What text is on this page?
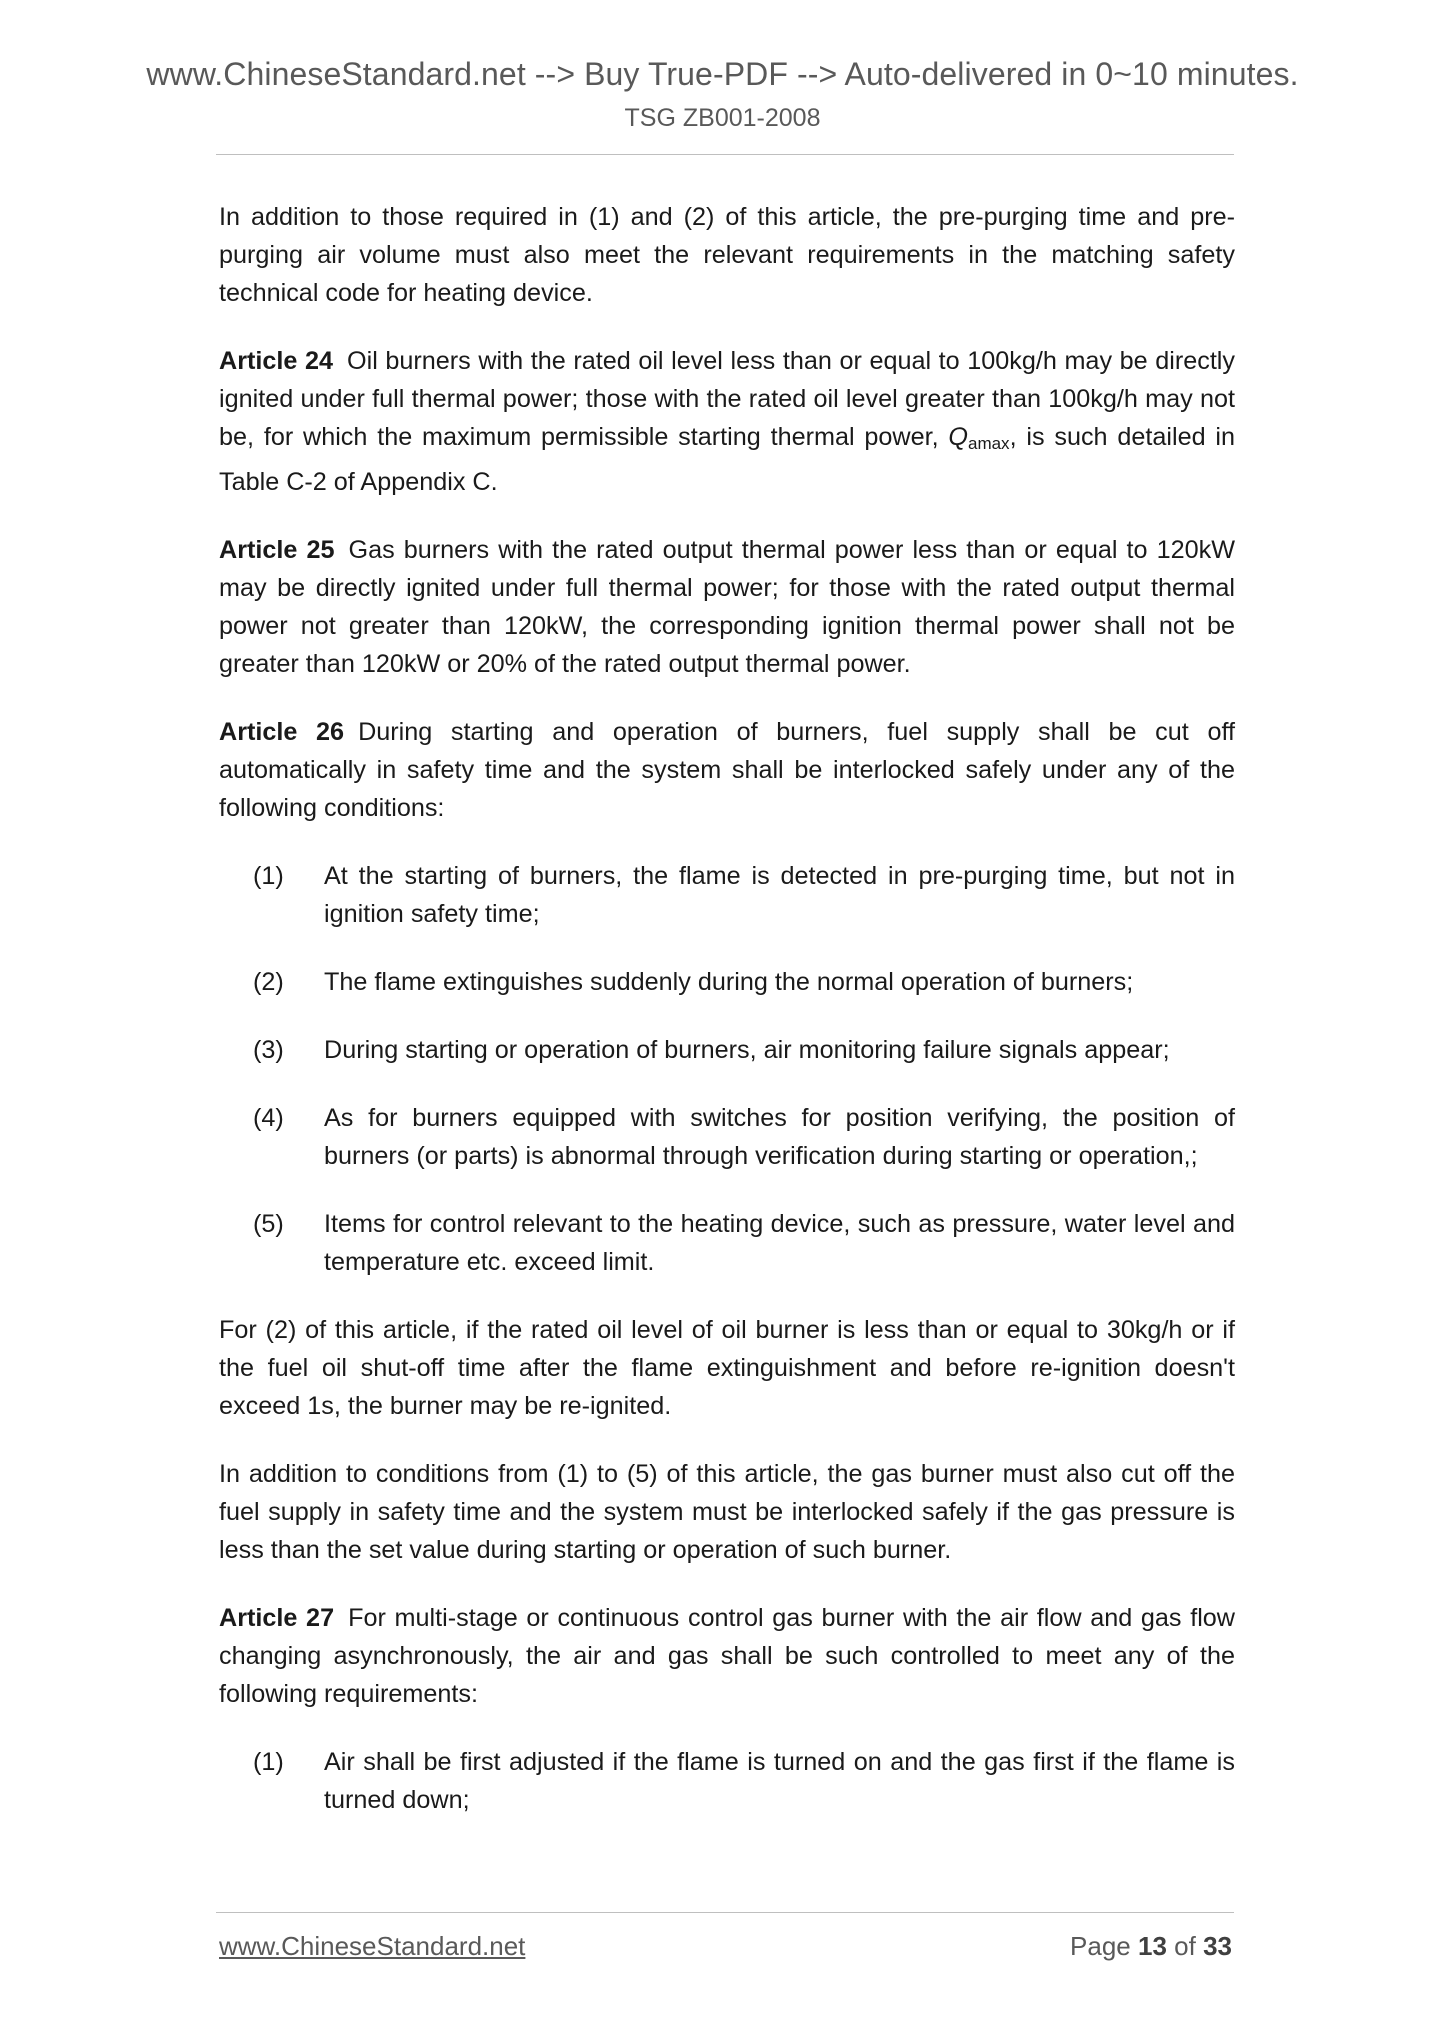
www.ChineseStandard.net --> Buy True-PDF --> Auto-delivered in 0~10 minutes.
TSG ZB001-2008

In addition to those required in (1) and (2) of this article, the pre-purging time and pre-purging air volume must also meet the relevant requirements in the matching safety technical code for heating device.

Article 24 Oil burners with the rated oil level less than or equal to 100kg/h may be directly ignited under full thermal power; those with the rated oil level greater than 100kg/h may not be, for which the maximum permissible starting thermal power, Qamax, is such detailed in Table C-2 of Appendix C.

Article 25 Gas burners with the rated output thermal power less than or equal to 120kW may be directly ignited under full thermal power; for those with the rated output thermal power not greater than 120kW, the corresponding ignition thermal power shall not be greater than 120kW or 20% of the rated output thermal power.

Article 26 During starting and operation of burners, fuel supply shall be cut off automatically in safety time and the system shall be interlocked safely under any of the following conditions:

(1) At the starting of burners, the flame is detected in pre-purging time, but not in ignition safety time;
(2) The flame extinguishes suddenly during the normal operation of burners;
(3) During starting or operation of burners, air monitoring failure signals appear;
(4) As for burners equipped with switches for position verifying, the position of burners (or parts) is abnormal through verification during starting or operation,;
(5) Items for control relevant to the heating device, such as pressure, water level and temperature etc. exceed limit.

For (2) of this article, if the rated oil level of oil burner is less than or equal to 30kg/h or if the fuel oil shut-off time after the flame extinguishment and before re-ignition doesn't exceed 1s, the burner may be re-ignited.

In addition to conditions from (1) to (5) of this article, the gas burner must also cut off the fuel supply in safety time and the system must be interlocked safely if the gas pressure is less than the set value during starting or operation of such burner.

Article 27 For multi-stage or continuous control gas burner with the air flow and gas flow changing asynchronously, the air and gas shall be such controlled to meet any of the following requirements:

(1) Air shall be first adjusted if the flame is turned on and the gas first if the flame is turned down;
www.ChineseStandard.net	Page 13 of 33
